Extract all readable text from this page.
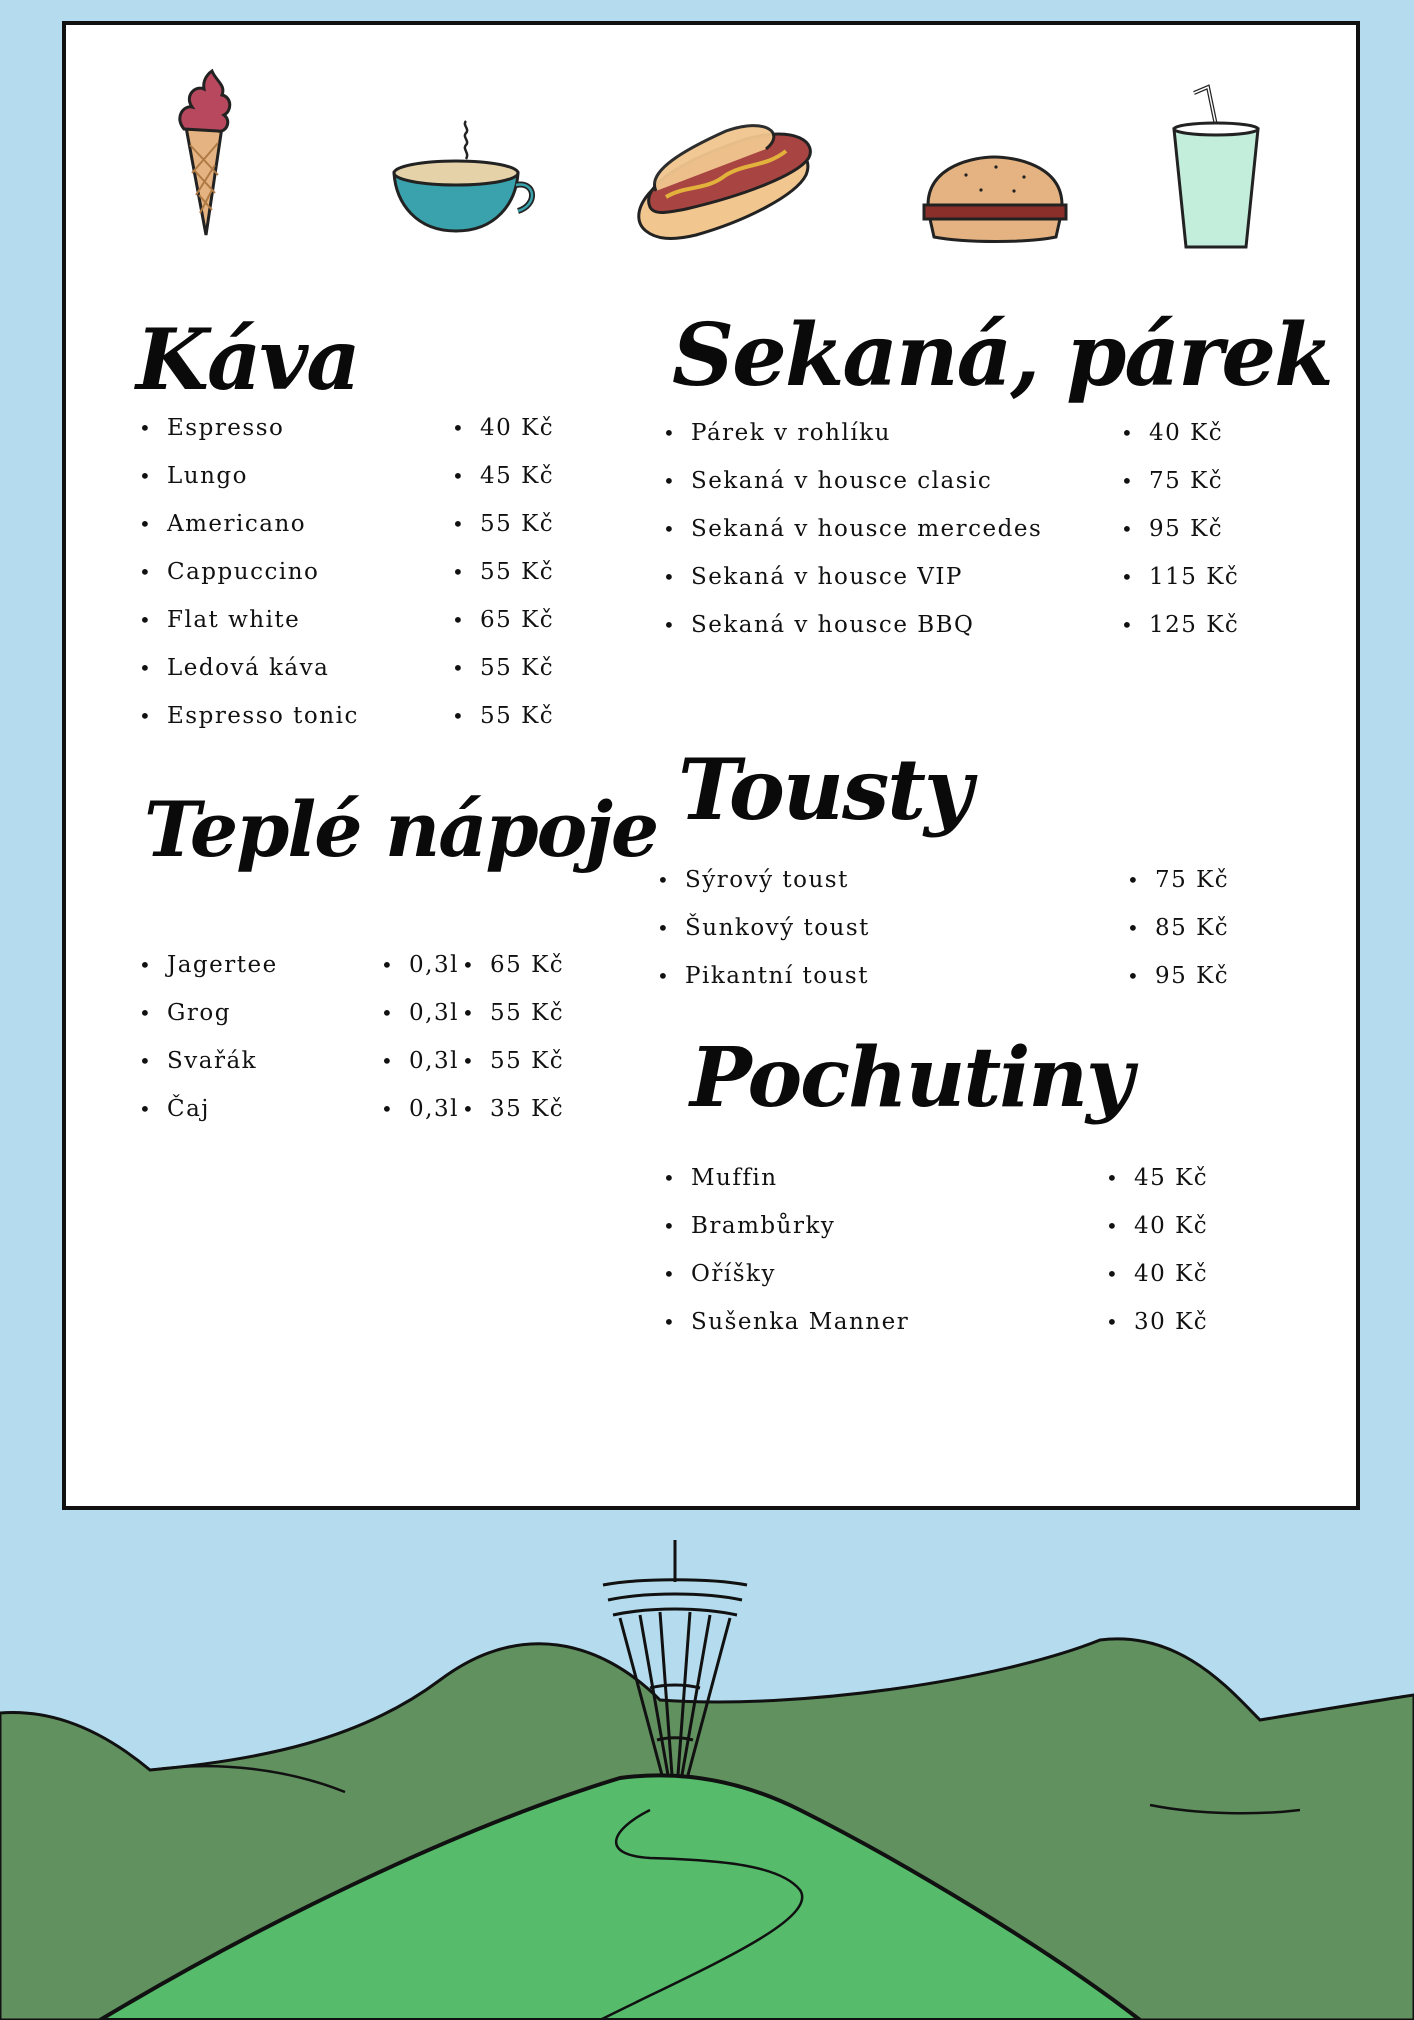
Káva
• Espresso	• 40 Kč
• Lungo	• 45 Kč
• Americano	• 55 Kč
• Cappuccino	• 55 Kč
• Flat white	• 65 Kč
• Ledová káva	• 55 Kč
• Espresso tonic	• 55 Kč
Teplé nápoje
• Jagertee	• 0,3l • 65 Kč
• Grog	• 0,3l • 55 Kč
• Svařák	• 0,3l • 55 Kč
• Čaj	• 0,3l • 35 Kč
Sekaná, párek
• Párek v rohlíku	• 40 Kč
• Sekaná v housce clasic	• 75 Kč
• Sekaná v housce mercedes	• 95 Kč
• Sekaná v housce VIP	• 115 Kč
• Sekaná v housce BBQ	• 125 Kč
Tousty
• Sýrový toust	• 75 Kč
• Šunkový toust	• 85 Kč
• Pikantní toust	• 95 Kč
Pochutiny
• Muffin	• 45 Kč
• Brambůrky	• 40 Kč
• Oříšky	• 40 Kč
• Sušenka Manner	• 30 Kč
